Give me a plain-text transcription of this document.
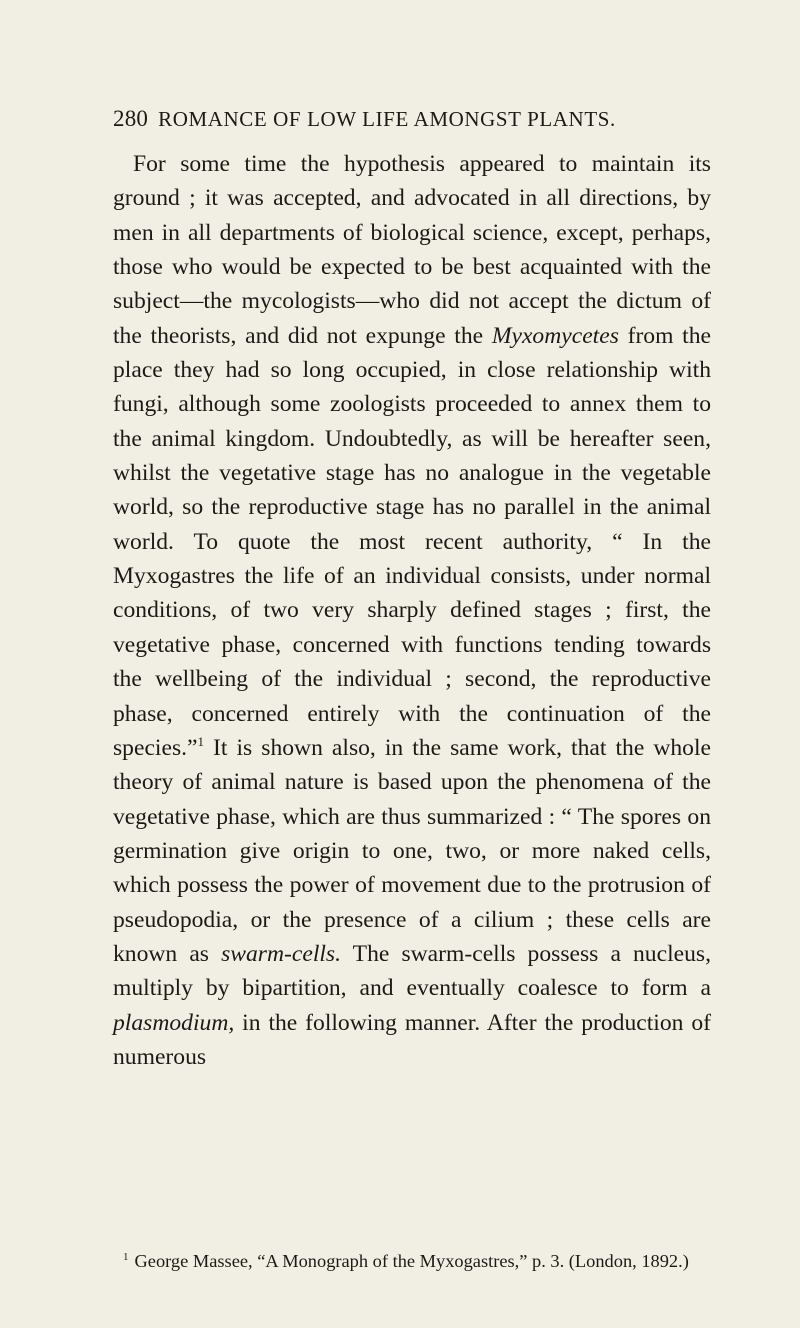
280 ROMANCE OF LOW LIFE AMONGST PLANTS.

For some time the hypothesis appeared to maintain its ground ; it was accepted, and advocated in all directions, by men in all departments of biological science, except, perhaps, those who would be expected to be best acquainted with the subject—the mycologists—who did not accept the dictum of the theorists, and did not expunge the Myxomycetes from the place they had so long occupied, in close relationship with fungi, although some zoologists proceeded to annex them to the animal kingdom. Undoubtedly, as will be hereafter seen, whilst the vegetative stage has no analogue in the vegetable world, so the reproductive stage has no parallel in the animal world. To quote the most recent authority, “ In the Myxogastres the life of an individual consists, under normal conditions, of two very sharply defined stages ; first, the vegetative phase, concerned with functions tending towards the wellbeing of the individual ; second, the reproductive phase, concerned entirely with the continuation of the species.”$^1$ It is shown also, in the same work, that the whole theory of animal nature is based upon the phenomena of the vegetative phase, which are thus summarized : “ The spores on germination give origin to one, two, or more naked cells, which possess the power of movement due to the protrusion of pseudopodia, or the presence of a cilium ; these cells are known as swarm-cells. The swarm-cells possess a nucleus, multiply by bipartition, and eventually coalesce to form a plasmodium, in the following manner. After the production of numerous

$^1$ George Massee, “A Monograph of the Myxogastres,” p. 3. (London, 1892.)
